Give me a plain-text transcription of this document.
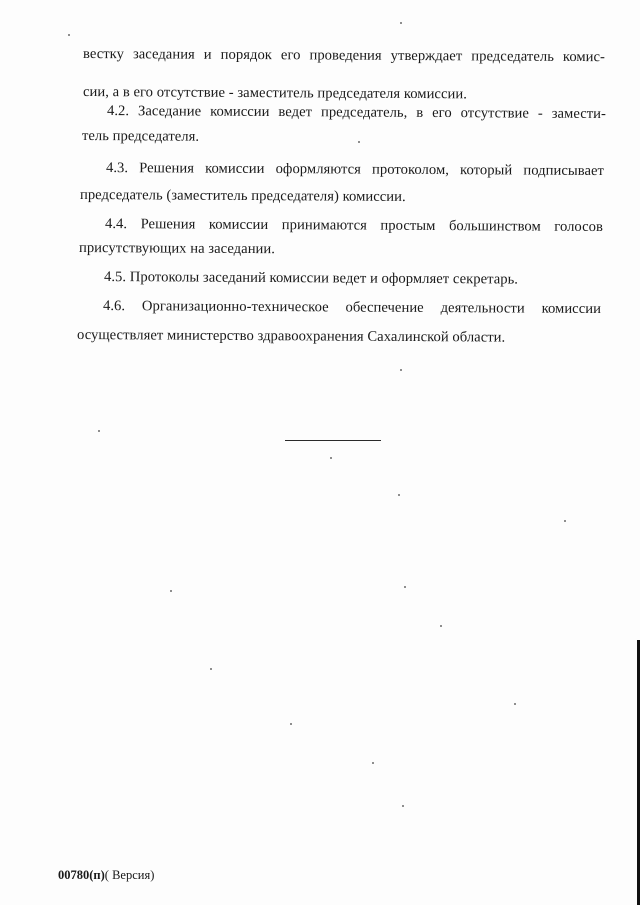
вестку заседания и порядок его проведения утверждает председатель комис-
сии, а в его отсутствие - заместитель председателя комиссии.
4.2. Заседание комиссии ведет председатель, в его отсутствие - замести-
тель председателя.
4.3. Решения комиссии оформляются протоколом, который подписывает
председатель (заместитель председателя) комиссии.
4.4. Решения комиссии принимаются простым большинством голосов
присутствующих на заседании.
4.5. Протоколы заседаний комиссии ведет и оформляет секретарь.
4.6. Организационно-техническое обеспечение деятельности комиссии
осуществляет министерство здравоохранения Сахалинской области.
00780(п)( Версия)
